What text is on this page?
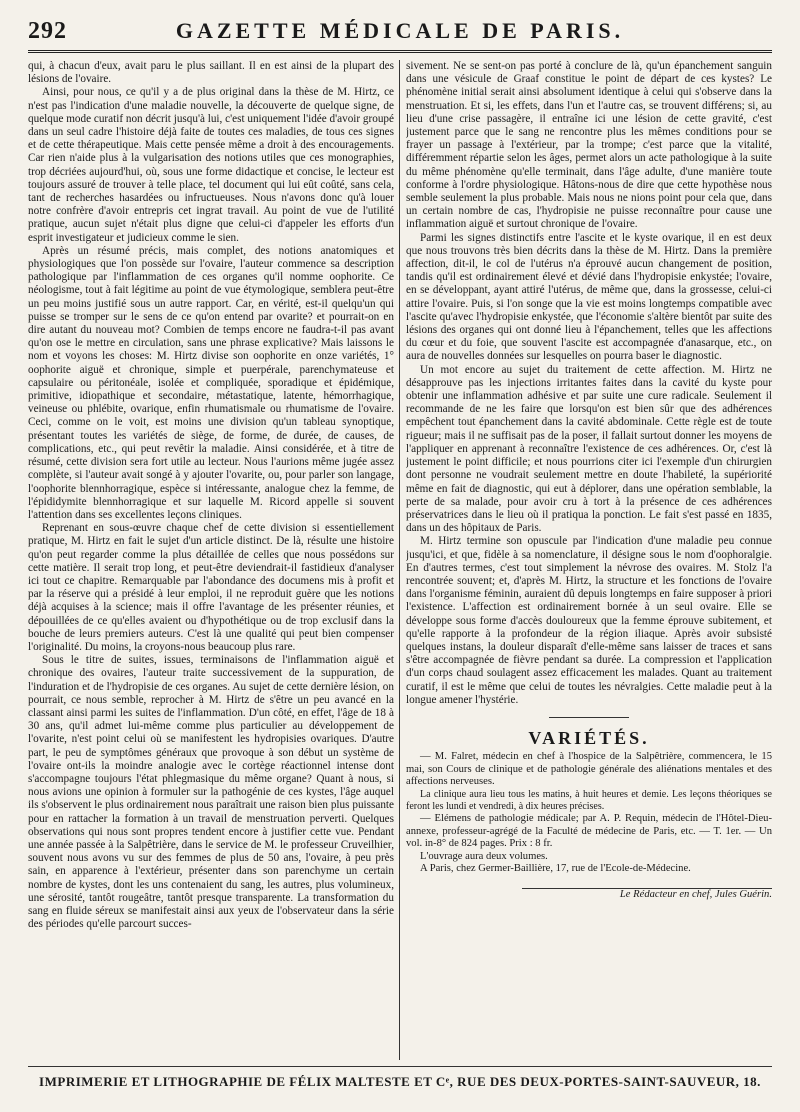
292	GAZETTE MÉDICALE DE PARIS.

qui, à chacun d'eux, avait paru le plus saillant. Il en est ainsi de la plupart des lésions de l'ovaire.

Ainsi, pour nous, ce qu'il y a de plus original dans la thèse de M. Hirtz, ce n'est pas l'indication d'une maladie nouvelle, la découverte de quelque signe, de quelque mode curatif non décrit jusqu'à lui, c'est uniquement l'idée d'avoir groupé dans un seul cadre l'histoire déjà faite de toutes ces maladies, de tous ces signes et de cette thérapeutique. Mais cette pensée même a droit à des encouragements. Car rien n'aide plus à la vulgarisation des notions utiles que ces monographies, trop décriées aujourd'hui, où, sous une forme didactique et concise, le lecteur est toujours assuré de trouver à telle place, tel document qui lui eût coûté, sans cela, tant de recherches hasardées ou infructueuses. Nous n'avons donc qu'à louer notre confrère d'avoir entrepris cet ingrat travail. Au point de vue de l'utilité pratique, aucun sujet n'était plus digne que celui-ci d'appeler les efforts d'un esprit investigateur et judicieux comme le sien.

Après un résumé précis, mais complet, des notions anatomiques et physiologiques que l'on possède sur l'ovaire, l'auteur commence sa description pathologique par l'inflammation de ces organes qu'il nomme oophorite. Ce néologisme, tout à fait légitime au point de vue étymologique, semblera peut-être un peu moins justifié sous un autre rapport. Car, en vérité, est-il quelqu'un qui puisse se tromper sur le sens de ce qu'on entend par ovarite? et pourrait-on en dire autant du nouveau mot? Combien de temps encore ne faudra-t-il pas avant qu'on ose le mettre en circulation, sans une phrase explicative? Mais laissons le nom et voyons les choses: M. Hirtz divise son oophorite en onze variétés, 1° oophorite aiguë et chronique, simple et puerpérale, parenchymateuse et capsulaire ou péritonéale, isolée et compliquée, sporadique et épidémique, primitive, idiopathique et secondaire, métastatique, latente, hémorrhagique, veineuse ou phlébite, ovarique, enfin rhumatismale ou rhumatisme de l'ovaire. Ceci, comme on le voit, est moins une division qu'un tableau synoptique, présentant toutes les variétés de siège, de forme, de durée, de causes, de complications, etc., qui peut revêtir la maladie. Ainsi considérée, et à titre de résumé, cette division sera fort utile au lecteur. Nous l'aurions même jugée assez complète, si l'auteur avait songé à y ajouter l'ovarite, ou, pour parler son langage, l'oophorite blennhorragique, espèce si intéressante, analogue chez la femme, de l'épididymite blennhorragique et sur laquelle M. Ricord appelle si souvent l'attention dans ses excellentes leçons cliniques.

Reprenant en sous-œuvre chaque chef de cette division si essentiellement pratique, M. Hirtz en fait le sujet d'un article distinct. De là, résulte une histoire qu'on peut regarder comme la plus détaillée de celles que nous possédons sur cette matière. Il serait trop long, et peut-être deviendrait-il fastidieux d'analyser ici tout ce chapitre. Remarquable par l'abondance des documens mis à profit et par la réserve qui a présidé à leur emploi, il ne reproduit guère que les notions déjà acquises à la science; mais il offre l'avantage de les présenter réunies, et dépouillées de ce qu'elles avaient ou d'hypothétique ou de trop exclusif dans la bouche de leurs premiers auteurs. C'est là une qualité qui peut bien compenser l'originalité. Du moins, la croyons-nous beaucoup plus rare.

Sous le titre de suites, issues, terminaisons de l'inflammation aiguë et chronique des ovaires, l'auteur traite successivement de la suppuration, de l'induration et de l'hydropisie de ces organes. Au sujet de cette dernière lésion, on pourrait, ce nous semble, reprocher à M. Hirtz de s'être un peu avancé en la classant ainsi parmi les suites de l'inflammation. D'un côté, en effet, l'âge de 18 à 30 ans, qu'il admet lui-même comme plus particulier au développement de l'ovarite, n'est point celui où se manifestent les hydropisies ovariques. D'autre part, le peu de symptômes généraux que provoque à son début un système de l'ovaire ont-ils la moindre analogie avec le cortège réactionnel intense dont s'accompagne toujours l'état phlegmasique du même organe? Quant à nous, si nous avions une opinion à formuler sur la pathogénie de ces kystes, l'âge auquel ils s'observent le plus ordinairement nous paraîtrait une raison bien plus puissante pour en rattacher la formation à un travail de menstruation perverti. Quelques observations qui nous sont propres tendent encore à justifier cette vue. Pendant une année passée à la Salpêtrière, dans le service de M. le professeur Cruveilhier, souvent nous avons vu sur des femmes de plus de 50 ans, l'ovaire, à peu près sain, en apparence à l'extérieur, présenter dans son parenchyme un certain nombre de kystes, dont les uns contenaient du sang, les autres, plus volumineux, une sérosité, tantôt rougeâtre, tantôt presque transparente. La transformation du sang en fluide séreux se manifestait ainsi aux yeux de l'observateur dans la série des périodes qu'elle parcourt succes-

sivement. Ne se sent-on pas porté à conclure de là, qu'un épanchement sanguin dans une vésicule de Graaf constitue le point de départ de ces kystes? Le phénomène initial serait ainsi absolument identique à celui qui s'observe dans la menstruation. Et si, les effets, dans l'un et l'autre cas, se trouvent différens; si, au lieu d'une crise passagère, il entraîne ici une lésion de cette gravité, c'est justement parce que le sang ne rencontre plus les mêmes conditions pour se frayer un passage à l'extérieur, par la trompe; c'est parce que la vitalité, différemment répartie selon les âges, permet alors un acte pathologique à la suite du même phénomène qu'elle terminait, dans l'âge adulte, d'une manière toute conforme à l'ordre physiologique. Hâtons-nous de dire que cette hypothèse nous semble seulement la plus probable. Mais nous ne nions point pour cela que, dans un certain nombre de cas, l'hydropisie ne puisse reconnaître pour cause une inflammation aiguë et surtout chronique de l'ovaire.

Parmi les signes distinctifs entre l'ascite et le kyste ovarique, il en est deux que nous trouvons très bien décrits dans la thèse de M. Hirtz. Dans la première affection, dit-il, le col de l'utérus n'a éprouvé aucun changement de position, tandis qu'il est ordinairement élevé et dévié dans l'hydropisie enkystée; l'ovaire, en se développant, ayant attiré l'utérus, de même que, dans la grossesse, celui-ci attire l'ovaire. Puis, si l'on songe que la vie est moins longtemps compatible avec l'ascite qu'avec l'hydropisie enkystée, que l'économie s'altère bientôt par suite des lésions des organes qui ont donné lieu à l'épanchement, telles que les affections du cœur et du foie, que souvent l'ascite est accompagnée d'anasarque, etc., on aura de nouvelles données sur lesquelles on pourra baser le diagnostic.

Un mot encore au sujet du traitement de cette affection. M. Hirtz ne désapprouve pas les injections irritantes faites dans la cavité du kyste pour obtenir une inflammation adhésive et par suite une cure radicale. Seulement il recommande de ne les faire que lorsqu'on est bien sûr que des adhérences empêchent tout épanchement dans la cavité abdominale. Cette règle est de toute rigueur; mais il ne suffisait pas de la poser, il fallait surtout donner les moyens de l'appliquer en apprenant à reconnaître l'existence de ces adhérences. Or, c'est là justement le point difficile; et nous pourrions citer ici l'exemple d'un chirurgien dont personne ne voudrait seulement mettre en doute l'habileté, la supériorité même en fait de diagnostic, qui eut à déplorer, dans une opération semblable, la perte de sa malade, pour avoir cru à tort à la présence de ces adhérences préservatrices dans le lieu où il pratiqua la ponction. Le fait s'est passé en 1835, dans un des hôpitaux de Paris.

M. Hirtz termine son opuscule par l'indication d'une maladie peu connue jusqu'ici, et que, fidèle à sa nomenclature, il désigne sous le nom d'oophoralgie. En d'autres termes, c'est tout simplement la névrose des ovaires. M. Stolz l'a rencontrée souvent; et, d'après M. Hirtz, la structure et les fonctions de l'ovaire dans l'organisme féminin, auraient dû depuis longtemps en faire supposer à priori l'existence. L'affection est ordinairement bornée à un seul ovaire. Elle se développe sous forme d'accès douloureux que la femme éprouve subitement, et qu'elle rapporte à la profondeur de la région iliaque. Après avoir subsisté quelques instans, la douleur disparaît d'elle-même sans laisser de traces et sans s'être accompagnée de fièvre pendant sa durée. La compression et l'application d'un corps chaud soulagent assez efficacement les malades. Quant au traitement curatif, il est le même que celui de toutes les névralgies. Cette maladie peut à la longue amener l'hystérie.

VARIÉTÉS.

— M. Falret, médecin en chef à l'hospice de la Salpêtrière, commencera, le 15 mai, son Cours de clinique et de pathologie générale des aliénations mentales et des affections nerveuses.

La clinique aura lieu tous les matins, à huit heures et demie. Les leçons théoriques se feront les lundi et vendredi, à dix heures précises.

— Elémens de pathologie médicale; par A. P. Requin, médecin de l'Hôtel-Dieu-annexe, professeur-agrégé de la Faculté de médecine de Paris, etc. — T. 1er. — Un vol. in-8° de 824 pages. Prix : 8 fr.

L'ouvrage aura deux volumes.

A Paris, chez Germer-Baillière, 17, rue de l'Ecole-de-Médecine.

Le Rédacteur en chef, Jules Guérin.

IMPRIMERIE ET LITHOGRAPHIE DE FÉLIX MALTESTE ET Cᵉ, RUE DES DEUX-PORTES-SAINT-SAUVEUR, 18.
